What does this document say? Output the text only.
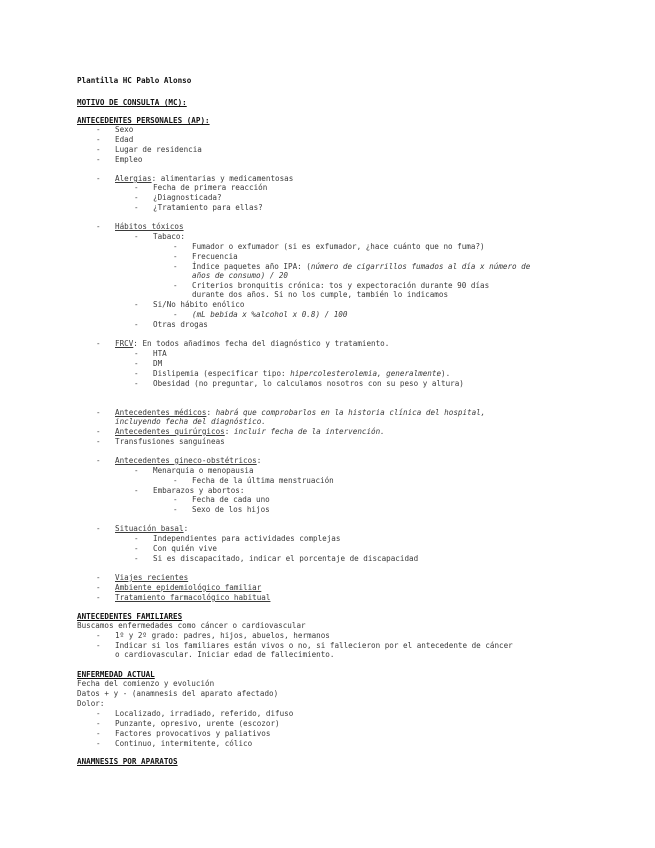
Plantilla HC Pablo Alonso
MOTIVO DE CONSULTA (MC):
ANTECEDENTES PERSONALES (AP):
- Sexo
- Edad
- Lugar de residencia
- Empleo
- Alergias: alimentarias y medicamentosas
- Fecha de primera reacción
- ¿Diagnosticada?
- ¿Tratamiento para ellas?
- Hábitos tóxicos
- Tabaco:
- Fumador o exfumador (si es exfumador, ¿hace cuánto que no fuma?)
- Frecuencia
- Índice paquetes año IPA: (número de cigarrillos fumados al día x número de
años de consumo) / 20
- Criterios bronquitis crónica: tos y expectoración durante 90 días
durante dos años. Si no los cumple, también lo indicamos
- Si/No hábito enólico
- (mL bebida x %alcohol x 0.8) / 100
- Otras drogas
- FRCV: En todos añadimos fecha del diagnóstico y tratamiento.
- HTA
- DM
- Dislipemia (especificar tipo: hipercolesterolemia, generalmente).
- Obesidad (no preguntar, lo calculamos nosotros con su peso y altura)
- Antecedentes médicos: habrá que comprobarlos en la historia clínica del hospital,
incluyendo fecha del diagnóstico.
- Antecedentes quirúrgicos: incluir fecha de la intervención.
- Transfusiones sanguíneas
- Antecedentes gineco-obstétricos:
- Menarquia o menopausia
- Fecha de la última menstruación
- Embarazos y abortos:
- Fecha de cada uno
- Sexo de los hijos
- Situación basal:
- Independientes para actividades complejas
- Con quién vive
- Si es discapacitado, indicar el porcentaje de discapacidad
- Viajes recientes
- Ambiente epidemiológico familiar
- Tratamiento farmacológico habitual
ANTECEDENTES FAMILIARES
Buscamos enfermedades como cáncer o cardiovascular
- 1º y 2º grado: padres, hijos, abuelos, hermanos
- Indicar si los familiares están vivos o no, si fallecieron por el antecedente de cáncer
o cardiovascular. Iniciar edad de fallecimiento.
ENFERMEDAD ACTUAL
Fecha del comienzo y evolución
Datos + y - (anamnesis del aparato afectado)
Dolor:
- Localizado, irradiado, referido, difuso
- Punzante, opresivo, urente (escozor)
- Factores provocativos y paliativos
- Continuo, intermitente, cólico
ANAMNESIS POR APARATOS
